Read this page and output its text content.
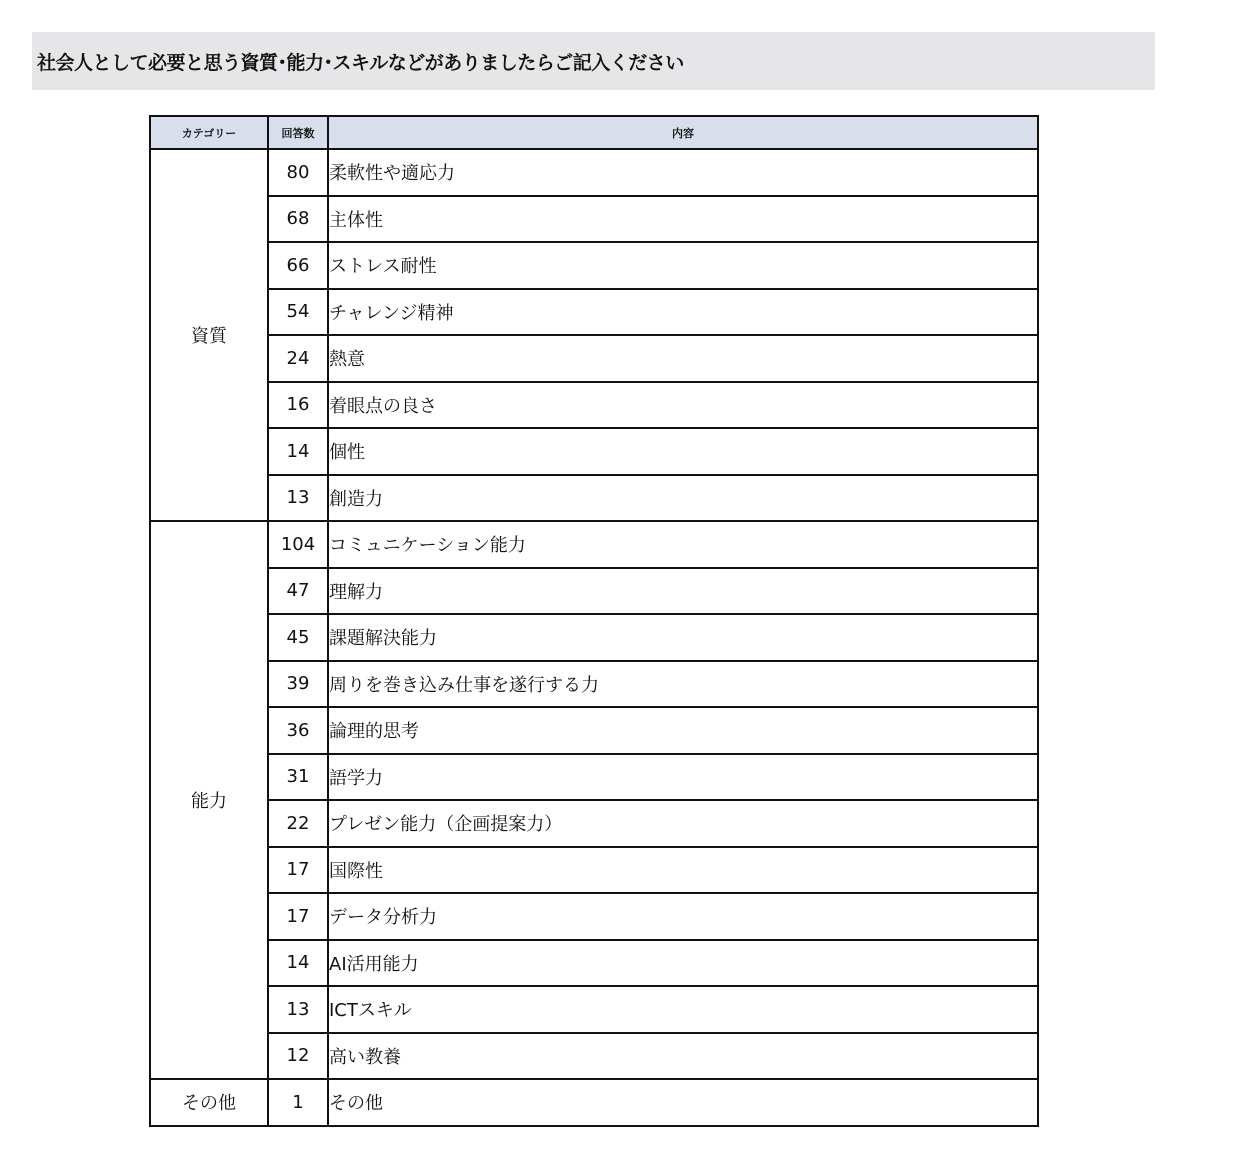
社会人として必要と思う資質･能力･スキルなどがありましたらご記入ください
カテゴリー	回答数	内容
資質	80	柔軟性や適応力
	68	主体性
	66	ストレス耐性
	54	チャレンジ精神
	24	熱意
	16	着眼点の良さ
	14	個性
	13	創造力
能力	104	コミュニケーション能力
	47	理解力
	45	課題解決能力
	39	周りを巻き込み仕事を遂行する力
	36	論理的思考
	31	語学力
	22	プレゼン能力（企画提案力）
	17	国際性
	17	データ分析力
	14	AI活用能力
	13	ICTスキル
	12	高い教養
その他	1	その他
